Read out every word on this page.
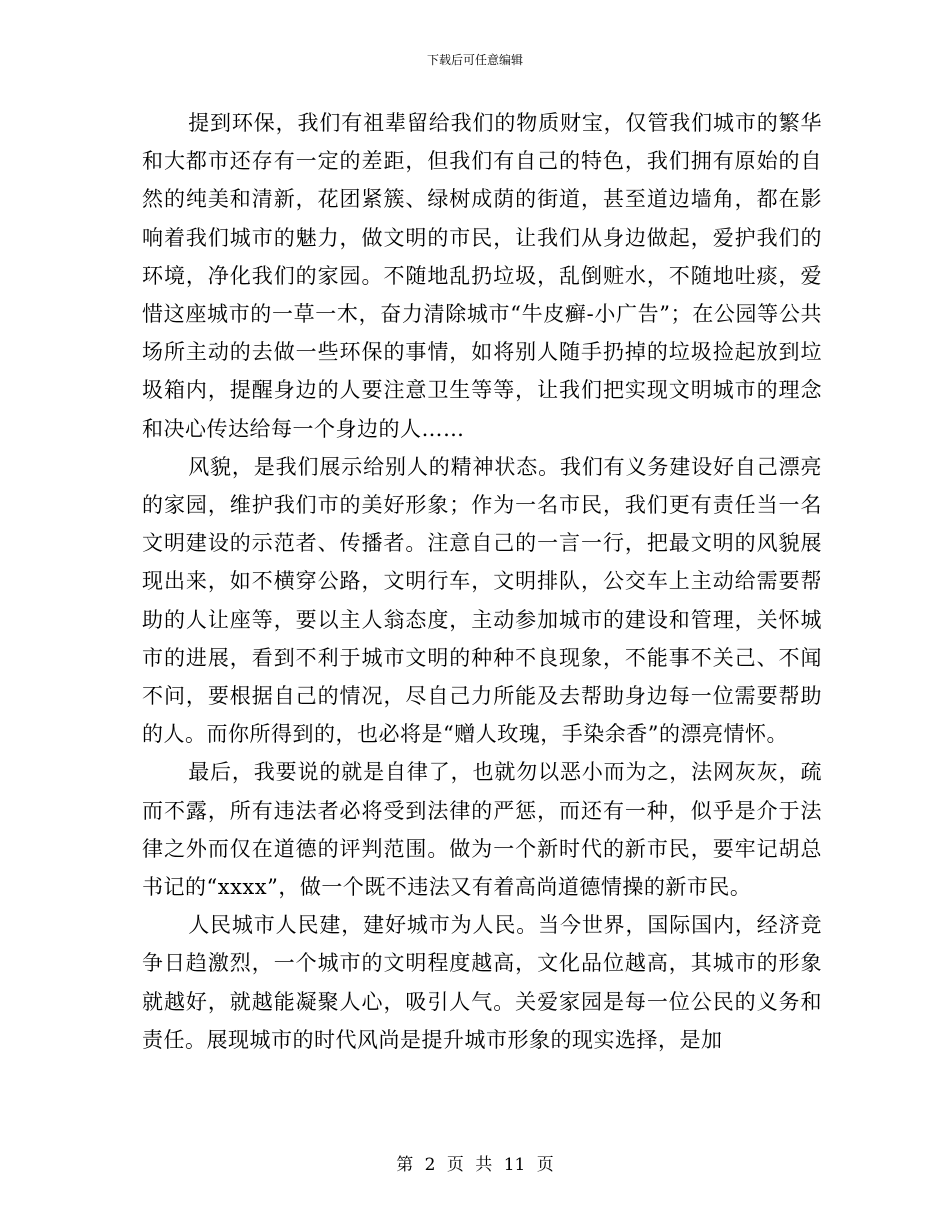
下载后可任意编辑

提到环保，我们有祖辈留给我们的物质财宝，仅管我们城市的繁华和大都市还存有一定的差距，但我们有自己的特色，我们拥有原始的自然的纯美和清新，花团紧簇、绿树成荫的街道，甚至道边墙角，都在影响着我们城市的魅力，做文明的市民，让我们从身边做起，爱护我们的环境，净化我们的家园。不随地乱扔垃圾，乱倒赃水，不随地吐痰，爱惜这座城市的一草一木，奋力清除城市“牛皮癣-小广告”；在公园等公共场所主动的去做一些环保的事情，如将别人随手扔掉的垃圾捡起放到垃圾箱内，提醒身边的人要注意卫生等等，让我们把实现文明城市的理念和决心传达给每一个身边的人……

风貌，是我们展示给别人的精神状态。我们有义务建设好自己漂亮的家园，维护我们市的美好形象；作为一名市民，我们更有责任当一名文明建设的示范者、传播者。注意自己的一言一行，把最文明的风貌展现出来，如不横穿公路，文明行车，文明排队，公交车上主动给需要帮助的人让座等，要以主人翁态度，主动参加城市的建设和管理，关怀城市的进展，看到不利于城市文明的种种不良现象，不能事不关己、不闻不问，要根据自己的情况，尽自己力所能及去帮助身边每一位需要帮助的人。而你所得到的，也必将是“赠人玫瑰，手染余香”的漂亮情怀。

最后，我要说的就是自律了，也就勿以恶小而为之，法网灰灰，疏而不露，所有违法者必将受到法律的严惩，而还有一种，似乎是介于法律之外而仅在道德的评判范围。做为一个新时代的新市民，要牢记胡总书记的“xxxx”，做一个既不违法又有着高尚道德情操的新市民。

人民城市人民建，建好城市为人民。当今世界，国际国内，经济竞争日趋激烈，一个城市的文明程度越高，文化品位越高，其城市的形象就越好，就越能凝聚人心，吸引人气。关爱家园是每一位公民的义务和责任。展现城市的时代风尚是提升城市形象的现实选择，是加

第 2 页 共 11 页
